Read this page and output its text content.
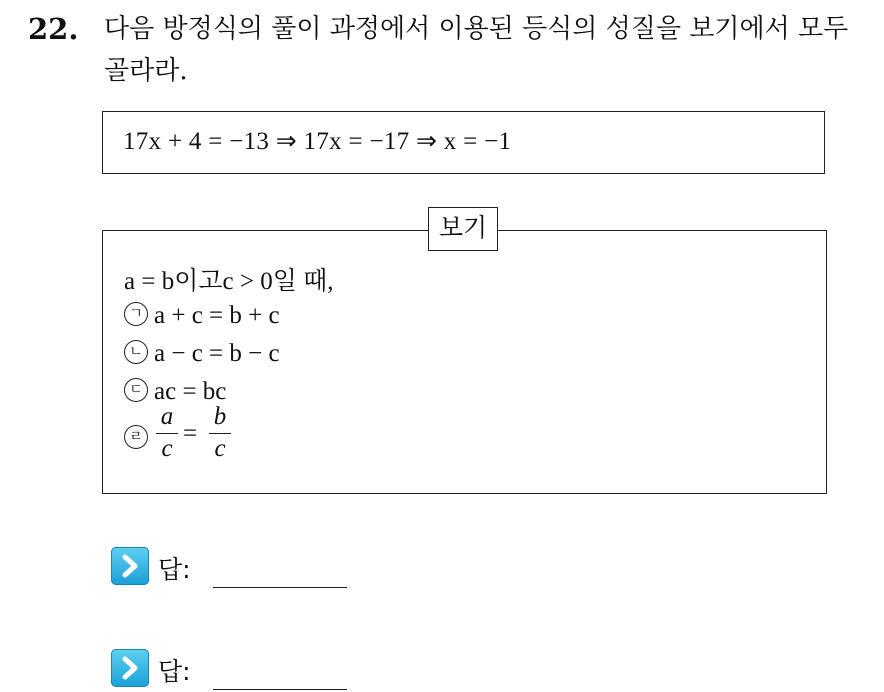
22. 다음 방정식의 풀이 과정에서 이용된 등식의 성질을 보기에서 모두
골라라.
17x + 4 = −13 ⇒ 17x = −17 ⇒ x = −1
보기
a = b이고c > 0일 때,
ㄱ a + c = b + c
ㄴ a − c = b − c
ㄷ ac = bc
ㄹ
a
c
=
b
c
답:
답:
